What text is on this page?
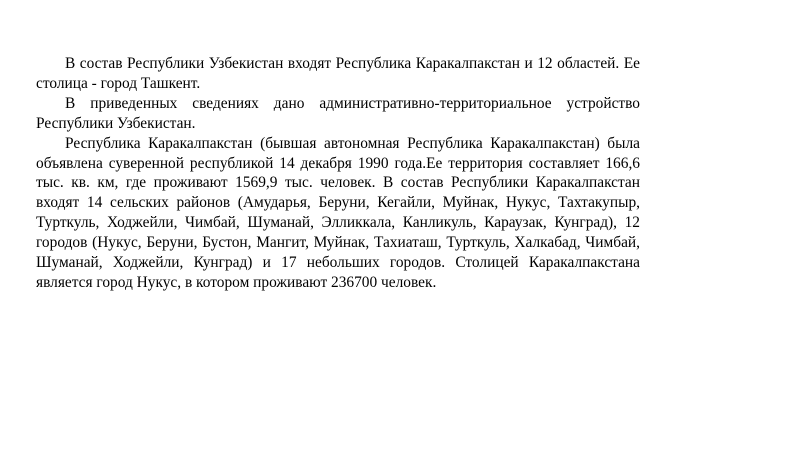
В состав Республики Узбекистан входят Республика Каракалпакстан и 12 областей. Ее столица - город Ташкент.

В приведенных сведениях дано административно-территориальное устройство Республики Узбекистан.

Республика Каракалпакстан (бывшая автономная Республика Каракалпакстан) была объявлена суверенной республикой 14 декабря 1990 года.Ее территория составляет 166,6 тыс. кв. км, где проживают 1569,9 тыс. человек. В состав Республики Каракалпакстан входят 14 сельских районов (Амударья, Беруни, Кегайли, Муйнак, Нукус, Тахтакупыр, Турткуль, Ходжейли, Чимбай, Шуманай, Элликкала, Канликуль, Караузак, Кунград), 12 городов (Нукус, Беруни, Бустон, Мангит, Муйнак, Тахиаташ, Турткуль, Халкабад, Чимбай, Шуманай, Ходжейли, Кунград) и 17 небольших городов. Столицей Каракалпакстана является город Нукус, в котором проживают 236700 человек.
